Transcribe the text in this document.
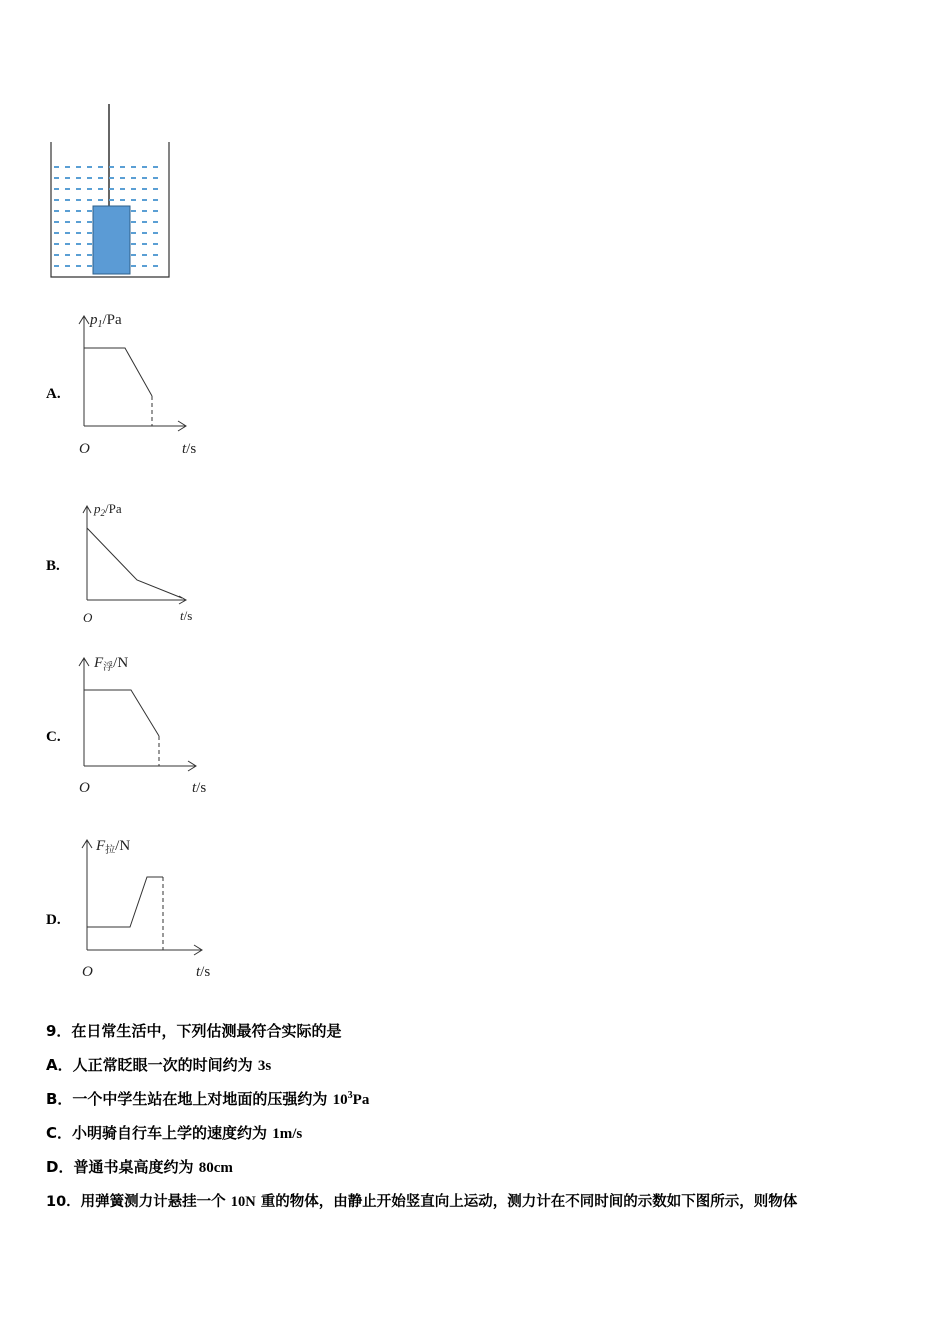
A.
$p_1/Pa$
O	t/s
B.
$p_2/Pa$
O	t/s
C.
$F_浮/N$
O	t/s
D.
$F_拉/N$
O	t/s
9．在日常生活中，下列估测最符合实际的是
A．人正常眨眼一次的时间约为 3s
B．一个中学生站在地上对地面的压强约为 $10^3Pa$
C．小明骑自行车上学的速度约为 1m/s
D．普通书桌高度约为 80cm
10．用弹簧测力计悬挂一个 10N 重的物体，由静止开始竖直向上运动，测力计在不同时间的示数如下图所示，则物体
